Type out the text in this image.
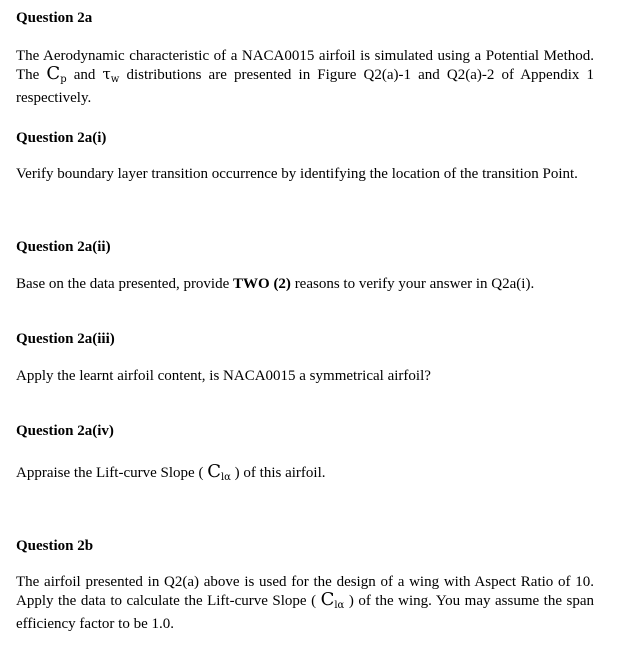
Question 2a
The Aerodynamic characteristic of a NACA0015 airfoil is simulated using a Potential Method. The $C_p$ and $\tau_w$ distributions are presented in Figure Q2(a)-1 and Q2(a)-2 of Appendix 1 respectively.
Question 2a(i)
Verify boundary layer transition occurrence by identifying the location of the transition Point.
Question 2a(ii)
Base on the data presented, provide TWO (2) reasons to verify your answer in Q2a(i).
Question 2a(iii)
Apply the learnt airfoil content, is NACA0015 a symmetrical airfoil?
Question 2a(iv)
Appraise the Lift-curve Slope ( $C_{l\alpha}$ ) of this airfoil.
Question 2b
The airfoil presented in Q2(a) above is used for the design of a wing with Aspect Ratio of 10. Apply the data to calculate the Lift-curve Slope ( $C_{l\alpha}$ ) of the wing. You may assume the span efficiency factor to be 1.0.
